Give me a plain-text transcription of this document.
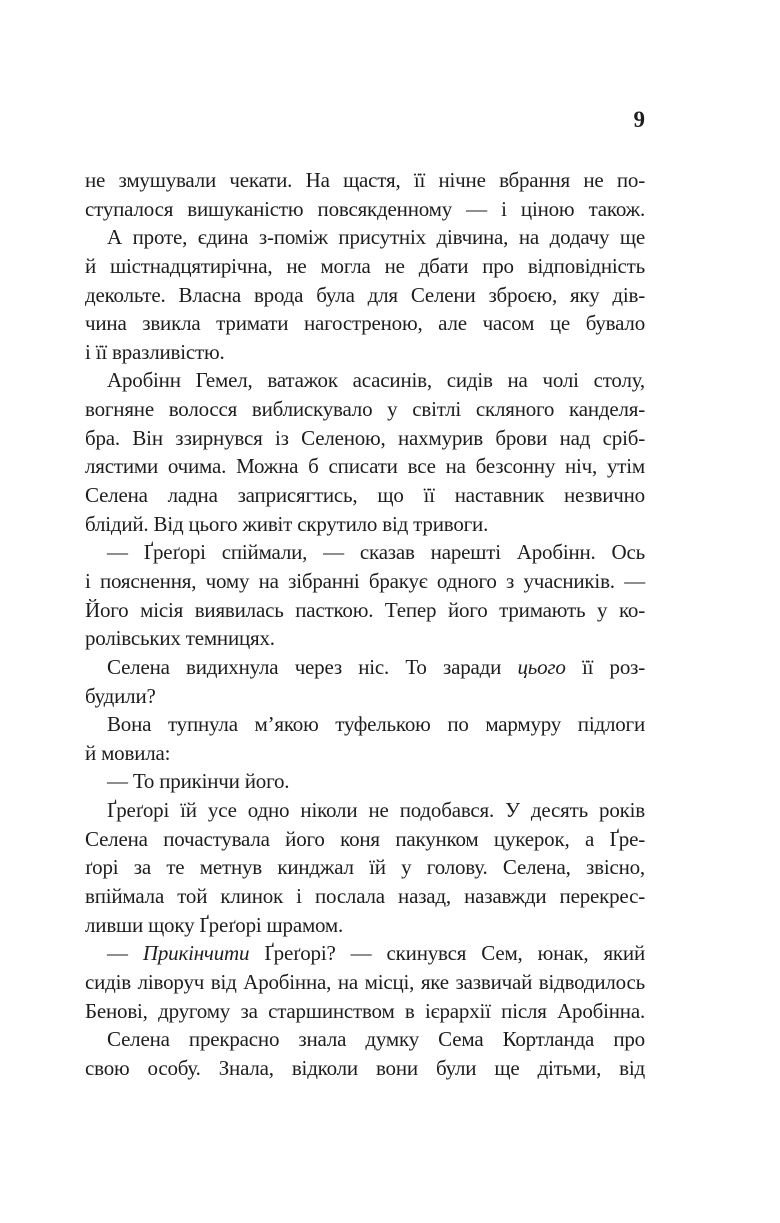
9
не змушували чекати. На щастя, її нічне вбрання не по-
ступалося вишуканістю повсякденному — і ціною також.
А проте, єдина з-поміж присутніх дівчина, на додачу ще
й шістнадцятирічна, не могла не дбати про відповідність
декольте. Власна врода була для Селени зброєю, яку дів-
чина звикла тримати нагостреною, але часом це бувало
і її вразливістю.
Аробінн Гемел, ватажок асасинів, сидів на чолі столу,
вогняне волосся виблискувало у світлі скляного канделя-
бра. Він ззирнувся із Селеною, нахмурив брови над сріб-
лястими очима. Можна б списати все на безсонну ніч, утім
Селена ладна заприсягтись, що її наставник незвично
блідий. Від цього живіт скрутило від тривоги.
— Ґреґорі спіймали, — сказав нарешті Аробінн. Ось
і пояснення, чому на зібранні бракує одного з учасників. —
Його місія виявилась пасткою. Тепер його тримають у ко-
ролівських темницях.
Селена видихнула через ніс. То заради цього її роз-
будили?
Вона тупнула м’якою туфелькою по мармуру підлоги
й мовила:
— То прикінчи його.
Ґреґорі їй усе одно ніколи не подобався. У десять років
Селена почастувала його коня пакунком цукерок, а Ґре-
ґорі за те метнув кинджал їй у голову. Селена, звісно,
впіймала той клинок і послала назад, назавжди перекрес-
ливши щоку Ґреґорі шрамом.
— Прикінчити Ґреґорі? — скинувся Сем, юнак, який
сидів ліворуч від Аробінна, на місці, яке зазвичай відводилось
Бенові, другому за старшинством в ієрархії після Аробінна.
Селена прекрасно знала думку Сема Кортланда про
свою особу. Знала, відколи вони були ще дітьми, від
